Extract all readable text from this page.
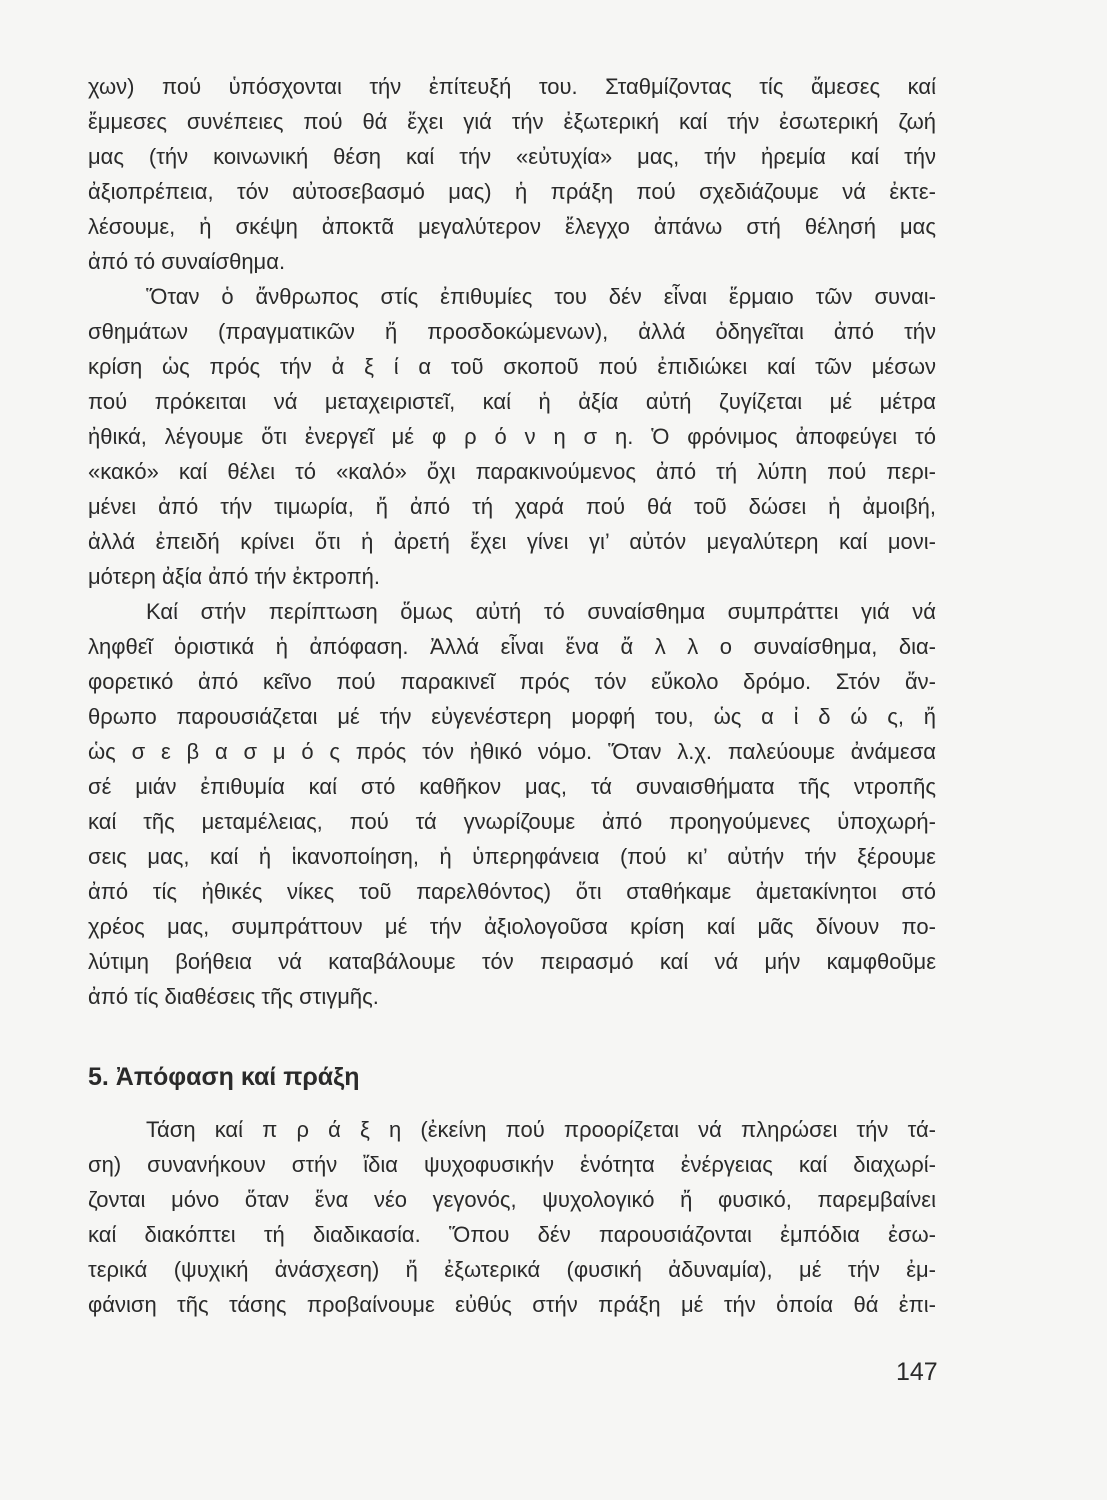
χων) πού ὑπόσχονται τήν ἐπίτευξή του. Σταθμίζοντας τίς ἄμεσες καί
ἔμμεσες συνέπειες πού θά ἔχει γιά τήν ἐξωτερική καί τήν ἐσωτερική ζωή
μας (τήν κοινωνική θέση καί τήν «εὐτυχία» μας, τήν ἠρεμία καί τήν
ἀξιοπρέπεια, τόν αὐτοσεβασμό μας) ἡ πράξη πού σχεδιάζουμε νά ἐκτε-
λέσουμε, ἡ σκέψη ἀποκτᾶ μεγαλύτερον ἔλεγχο ἀπάνω στή θέλησή μας
ἀπό τό συναίσθημα.
Ὅταν ὁ ἄνθρωπος στίς ἐπιθυμίες του δέν εἶναι ἕρμαιο τῶν συναι-
σθημάτων (πραγματικῶν ἤ προσδοκώμενων), ἀλλά ὁδηγεῖται ἀπό τήν
κρίση ὡς πρός τήν ἀ ξ ί α τοῦ σκοποῦ πού ἐπιδιώκει καί τῶν μέσων
πού πρόκειται νά μεταχειριστεῖ, καί ἡ ἀξία αὐτή ζυγίζεται μέ μέτρα
ἠθικά, λέγουμε ὅτι ἐνεργεῖ μέ φ ρ ό ν η σ η. Ὁ φρόνιμος ἀποφεύγει τό
«κακό» καί θέλει τό «καλό» ὄχι παρακινούμενος ἀπό τή λύπη πού περι-
μένει ἀπό τήν τιμωρία, ἤ ἀπό τή χαρά πού θά τοῦ δώσει ἡ ἀμοιβή,
ἀλλά ἐπειδή κρίνει ὅτι ἡ ἀρετή ἔχει γίνει γι’ αὐτόν μεγαλύτερη καί μονι-
μότερη ἀξία ἀπό τήν ἐκτροπή.
Καί στήν περίπτωση ὅμως αὐτή τό συναίσθημα συμπράττει γιά νά
ληφθεῖ ὁριστικά ἡ ἀπόφαση. Ἀλλά εἶναι ἕνα ἄ λ λ ο συναίσθημα, δια-
φορετικό ἀπό κεῖνο πού παρακινεῖ πρός τόν εὔκολο δρόμο. Στόν ἄν-
θρωπο παρουσιάζεται μέ τήν εὐγενέστερη μορφή του, ὡς α ἰ δ ώ ς, ἤ
ὡς σ ε β α σ μ ό ς πρός τόν ἠθικό νόμο. Ὅταν λ.χ. παλεύουμε ἀνάμεσα
σέ μιάν ἐπιθυμία καί στό καθῆκον μας, τά συναισθήματα τῆς ντροπῆς
καί τῆς μεταμέλειας, πού τά γνωρίζουμε ἀπό προηγούμενες ὑποχωρή-
σεις μας, καί ἡ ἱκανοποίηση, ἡ ὑπερηφάνεια (πού κι’ αὐτήν τήν ξέρουμε
ἀπό τίς ἠθικές νίκες τοῦ παρελθόντος) ὅτι σταθήκαμε ἀμετακίνητοι στό
χρέος μας, συμπράττουν μέ τήν ἀξιολογοῦσα κρίση καί μᾶς δίνουν πο-
λύτιμη βοήθεια νά καταβάλουμε τόν πειρασμό καί νά μήν καμφθοῦμε
ἀπό τίς διαθέσεις τῆς στιγμῆς.
5. Ἀπόφαση καί πράξη
Τάση καί π ρ ά ξ η (ἐκείνη πού προορίζεται νά πληρώσει τήν τά-
ση) συνανήκουν στήν ἴδια ψυχοφυσικήν ἑνότητα ἐνέργειας καί διαχωρί-
ζονται μόνο ὅταν ἕνα νέο γεγονός, ψυχολογικό ἤ φυσικό, παρεμβαίνει
καί διακόπτει τή διαδικασία. Ὅπου δέν παρουσιάζονται ἐμπόδια ἐσω-
τερικά (ψυχική ἀνάσχεση) ἤ ἐξωτερικά (φυσική ἀδυναμία), μέ τήν ἐμ-
φάνιση τῆς τάσης προβαίνουμε εὐθύς στήν πράξη μέ τήν ὁποία θά ἐπι-
147
